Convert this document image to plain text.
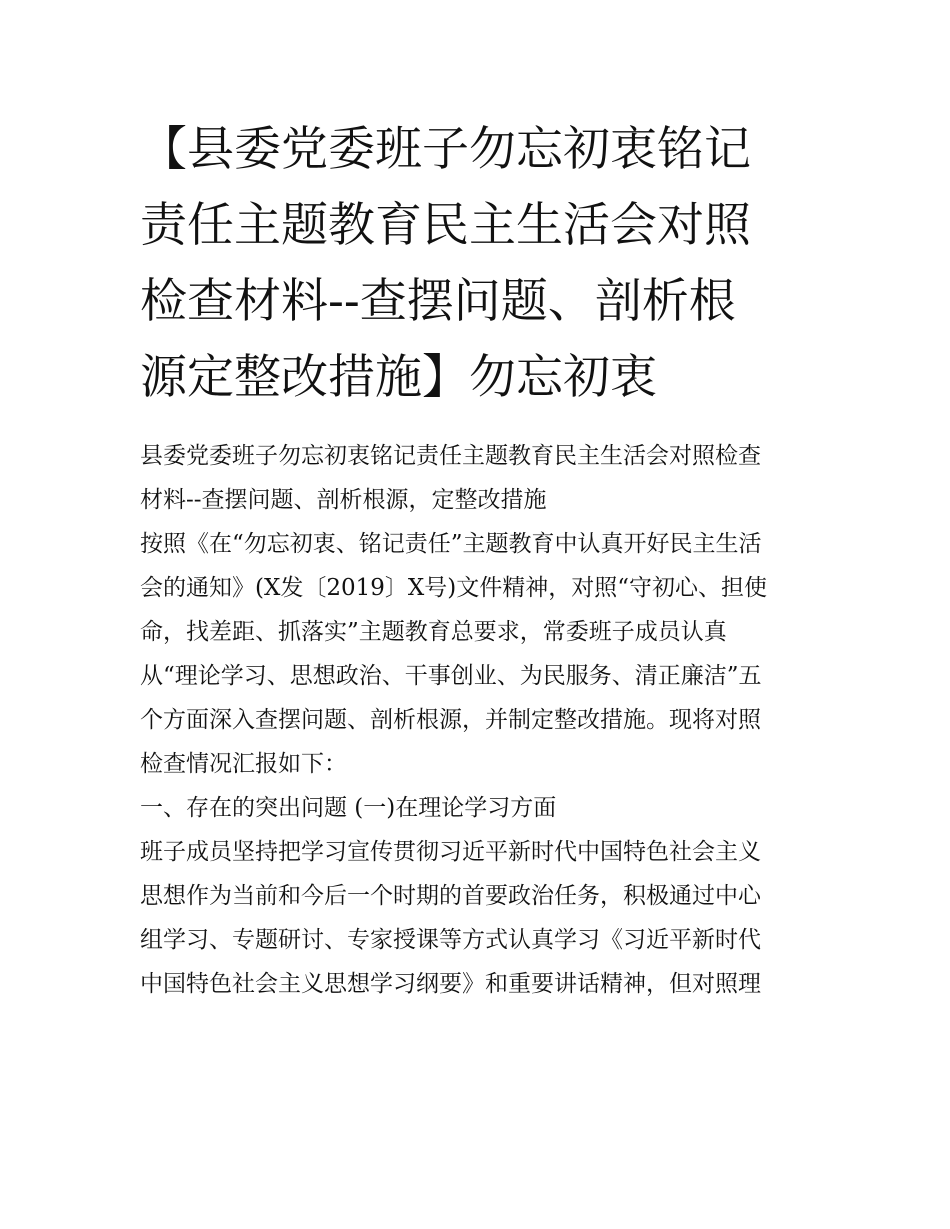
【县委党委班子勿忘初衷铭记
责任主题教育民主生活会对照
检查材料--查摆问题、剖析根
源定整改措施】勿忘初衷
县委党委班子勿忘初衷铭记责任主题教育民主生活会对照检查
材料--查摆问题、剖析根源，定整改措施
按照《在“勿忘初衷、铭记责任”主题教育中认真开好民主生活
会的通知》(X发〔2019〕X号)文件精神，对照“守初心、担使
命，找差距、抓落实”主题教育总要求，常委班子成员认真
从“理论学习、思想政治、干事创业、为民服务、清正廉洁”五
个方面深入查摆问题、剖析根源，并制定整改措施。现将对照
检查情况汇报如下：
一、存在的突出问题 (一)在理论学习方面
班子成员坚持把学习宣传贯彻习近平新时代中国特色社会主义
思想作为当前和今后一个时期的首要政治任务，积极通过中心
组学习、专题研讨、专家授课等方式认真学习《习近平新时代
中国特色社会主义思想学习纲要》和重要讲话精神，但对照理
